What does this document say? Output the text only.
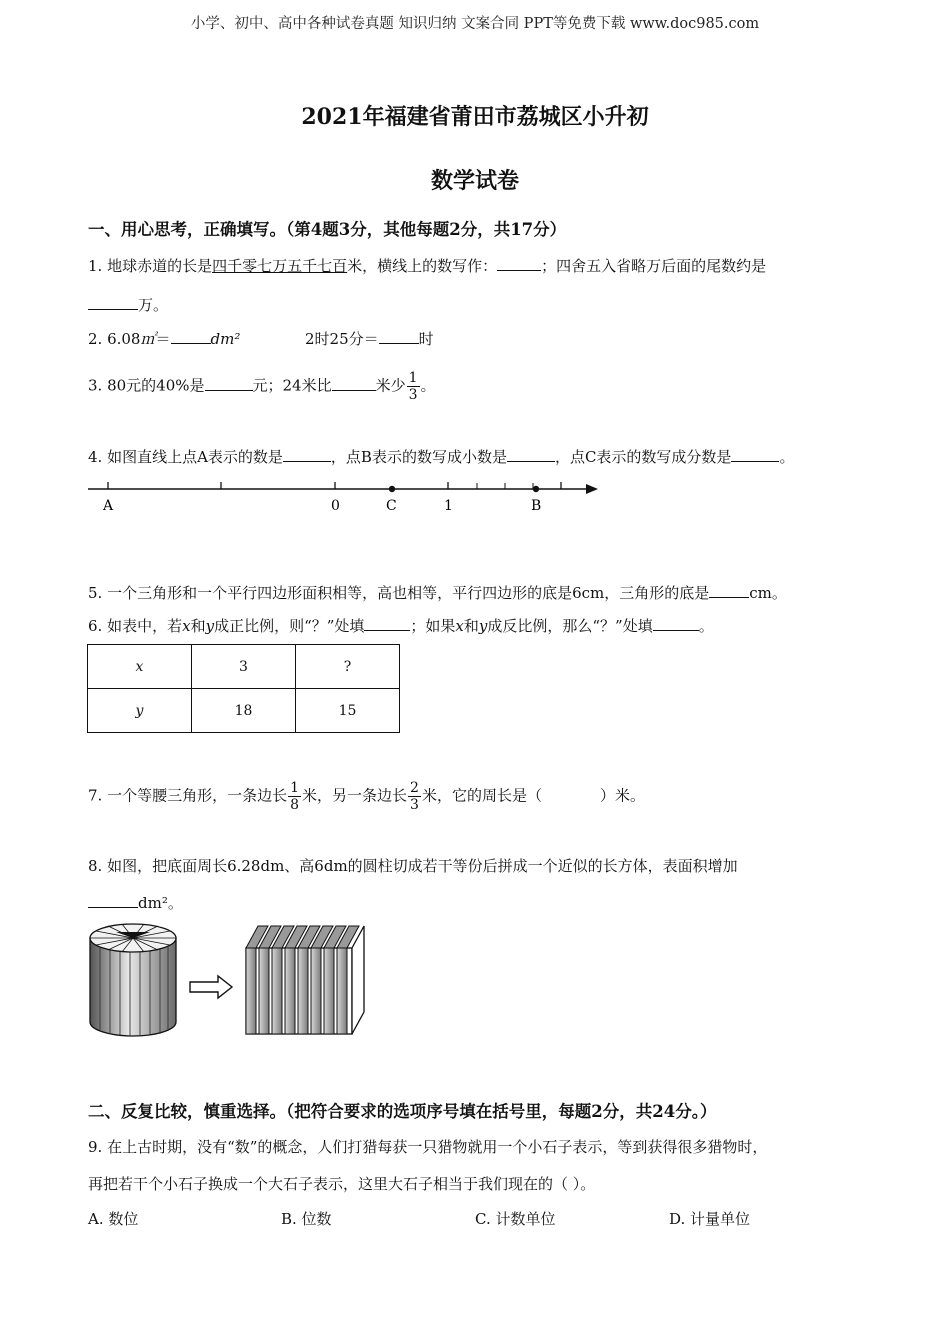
小学、初中、高中各种试卷真题 知识归纳 文案合同 PPT等免费下载 www.doc985.com
2021年福建省莆田市荔城区小升初
数学试卷
一、用心思考，正确填写。（第4题3分，其他每题2分，共17分）
1. 地球赤道的长是四千零七万五千七百米，横线上的数写作：	；四舍五入省略万后面的尾数约是
万。
2. 6.08㎡＝	dm²	2时25分＝	时
3. 80元的40%是	元；24米比	米少 $\frac{1}{3}$ 。
4. 如图直线上点A表示的数是	，点B表示的数写成小数是	，点C表示的数写成分数是	。
A	0	C	1	B
5. 一个三角形和一个平行四边形面积相等，高也相等，平行四边形的底是6cm，三角形的底是	cm。
6. 如表中，若x和y成正比例，则“？”处填	；如果x和y成反比例，那么“？”处填	。
x	3	?
y	18	15
7. 一个等腰三角形，一条边长 $\frac{1}{8}$ 米，另一条边长 $\frac{2}{3}$ 米，它的周长是（	）米。
8. 如图，把底面周长6.28dm、高6dm的圆柱切成若干等份后拼成一个近似的长方体，表面积增加
dm²。
二、反复比较，慎重选择。（把符合要求的选项序号填在括号里，每题2分，共24分。）
9. 在上古时期，没有“数”的概念，人们打猎每获一只猎物就用一个小石子表示，等到获得很多猎物时，
再把若干个小石子换成一个大石子表示，这里大石子相当于我们现在的（ ）。
A. 数位	B. 位数	C. 计数单位	D. 计量单位
